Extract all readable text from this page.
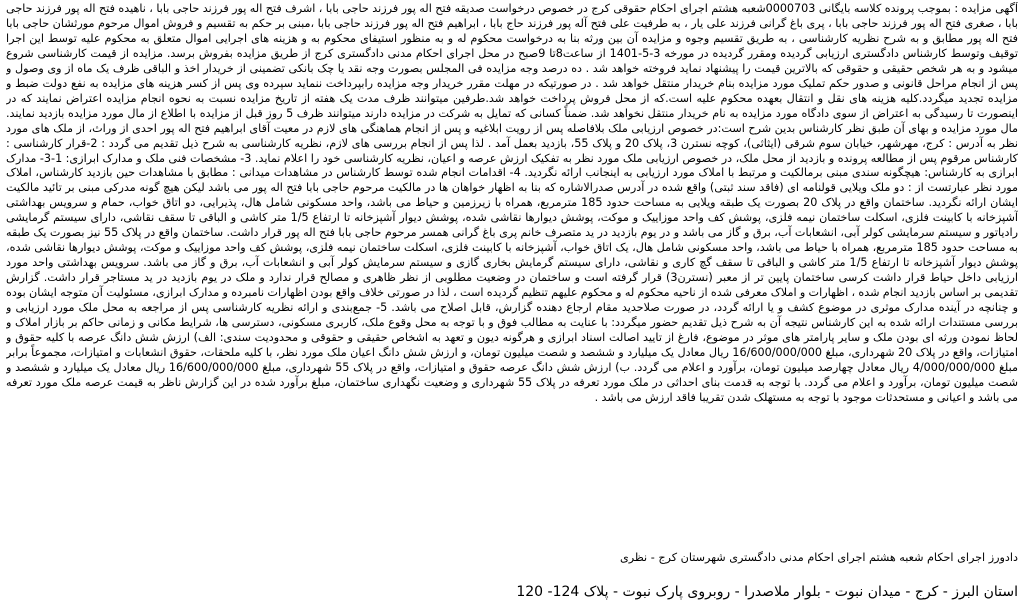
آگهی مزایده : بموجب پرونده کلاسه بایگانی 0000703شعبه هشتم اجرای احکام حقوقی کرج در خصوص درخواست صدیقه فتح اله پور فرزند حاجی بابا ، اشرف فتح اله پور فرزند حاجی بابا ، ناهیده فتح اله پور فرزند حاجی بابا ، صغری فتح اله پور فرزند حاجی بابا ، پری باغ گرانی فرزند علی یار ، به طرفیت علی فتح آله پور فرزند حاج بابا ، ابراهیم فتح اله پور فرزند حاجی بابا ،مبنی بر حکم به تقسیم و فروش اموال مرحوم مورثشان حاجی بابا فتح اله پور مطابق و به شرح نظریه کارشناسی ، به طریق تقسیم وجوه و مزایده آن بین ورثه بنا به درخواست محکوم له و به منظور استیفای محکوم به و هزینه های اجرایی اموال متعلق به محکوم علیه توسط این اجرا توقیف وتوسط کارشناس دادگستری ارزیابی گردیده ومقرر گردیده در مورخه 3-5-1401 از ساعت8تا 9صبح در محل اجرای احکام مدنی دادگستری کرج از طریق مزایده بفروش برسد. مزایده از قیمت کارشناسی شروع میشود و به هر شخص حقیقی و حقوقی که بالاترین قیمت را پیشنهاد نماید فروخته خواهد شد . ده درصد وجه مزایده فی المجلس بصورت وجه نقد یا چک بانکی تضمینی از خریدار اخذ و الباقی ظرف یک ماه از وی وصول و پس از انجام مراحل قانونی و صدور حکم تملیک مورد مزایده بنام خریدار منتقل خواهد شد . در صورتیکه در مهلت مقرر خریدار وجه مزایده رابپرداخت ننماید سپرده وی پس از کسر هزینه های مزایده به نفع دولت ضبط و مزایده تجدید میگردد.کلیه هزینه های نقل و انتقال بعهده محکوم علیه است.که از محل فروش پرداخت خواهد شد.طرفین میتوانند ظرف مدت یک هفته از تاریخ مزایده نسبت به نحوه انجام مزایده اعتراض نمایند که در اینصورت تا رسیدگی به اعتراض از سوی دادگاه مورد مزایده به نام خریدار منتقل نخواهد شد. ضمناً کسانی که تمایل به شرکت در مزایده دارند میتوانند ظرف 5 روز قبل از مزایده با اطلاع از مال مورد مزایده بازدید نمایند. مال مورد مزایده و بهای آن طبق نظر کارشناس بدین شرح است:در خصوص ارزیابی ملک بلافاصله پس از رویت ابلاغیه و پس از انجام هماهنگی های لازم در معیت آقای ابراهیم فتح اله پور احدی از وراث، از ملک های مورد نظر به آدرس : کرج، مهرشهر، خیابان سوم شرقی (ایثاثی)، کوچه نسترن 3، پلاک 20 و پلاک 55، بازدید بعمل آمد . لذا پس از انجام بررسی های لازم، نظریه کارشناسی به شرح ذیل تقدیم می گردد : 2-قرار کارشناسی : کارشناس مرقوم پس از مطالعه پرونده و بازدید از محل ملک، در خصوص ارزیابی ملک مورد نظر به تفکیک ارزش عرصه و اعیان، نظریه کارشناسی خود را اعلام نماید. 3- مشخصات فنی ملک و مدارک ابرازی: 1-3- مدارک ابرازی به کارشناس: هیچگونه سندی مبنی برمالکیت و مرتبط با املاک مورد ارزیابی به اینجانب ارائه نگردید. 4- اقدامات انجام شده توسط کارشناس در مشاهدات میدانی : مطابق با مشاهدات حین بازدید کارشناس، املاک مورد نظر عبارتست از : دو ملک ویلایی قولنامه ای (فاقد سند ثبتی) واقع شده در آدرس صدرالاشاره که بنا به اظهار خواهان ها در مالکیت مرحوم حاجی بابا فتح اله پور می باشد لیکن هیچ گونه مدرکی مبنی بر تائید مالکیت ایشان ارائه نگردید. ساختمان واقع در پلاک 20 بصورت یک طبقه ویلایی به مساحت حدود 185 مترمربع، همراه با زیرزمین و حیاط می باشد، واحد مسکونی شامل هال، پذیرایی، دو اتاق خواب، حمام و سرویس بهداشتی آشپزخانه با کابینت فلزی، اسکلت ساختمان نیمه فلزی، پوشش کف واحد موزاییک و موکت، پوشش دیوارها نقاشی شده، پوشش دیوار آشپزخانه تا ارتفاع 1/5 متر کاشی و الباقی تا سقف نقاشی، دارای سیستم گرمایشی رادیاتور و سیستم سرمایشی کولر آبی، انشعابات آب، برق و گاز می باشد و در یوم بازدید در ید متصرف خانم پری باغ گرانی همسر مرحوم حاجی بابا فتح اله پور قرار داشت. ساختمان واقع در پلاک 55 نیز بصورت یک طبقه به مساحت حدود 185 مترمربع، همراه با حیاط می باشد، واحد مسکونی شامل هال، یک اتاق خواب، آشپزخانه با کابینت فلزی، اسکلت ساختمان نیمه فلزی، پوشش کف واحد موزاییک و موکت، پوشش دیوارها نقاشی شده، پوشش دیوار آشپزخانه تا ارتفاع 1/5 متر کاشی و الباقی تا سقف گچ کاری و نقاشی، دارای سیستم گرمایش بخاری گازی و سیستم سرمایش کولر آبی و انشعابات آب، برق و گاز می باشد. سرویس بهداشتی واحد مورد ارزیابی داخل حیاط قرار داشت کرسی ساختمان پایین تر از معبر (نسترن3) قرار گرفته است و ساختمان در وضعیت مطلوبی از نظر ظاهری و مصالح قرار ندارد و ملک در یوم بازدید در ید مستاجر قرار داشت. گزارش تقدیمی بر اساس بازدید انجام شده ، اظهارات و املاک معرفی شده از ناحیه محکوم له و محکوم علیهم تنظیم گردیده است ، لذا در صورتی خلاف واقع بودن اظهارات نامبرده و مدارک ابرازی، مسئولیت آن متوجه ایشان بوده و چنانچه در آینده مدارک موثری در موضوع کشف و یا ارائه گردد، در صورت صلاحدید مقام ارجاع دهنده گزارش، قابل اصلاح می باشد. 5- جمع‌بندی و ارائه نظریه کارشناسی پس از مراجعه به محل ملک مورد ارزیابی و بررسی مستندات ارائه شده به این کارشناس نتیجه آن به شرح ذیل تقدیم حضور میگردد: با عنایت به مطالب فوق و با توجه به محل وقوع ملک، کاربری مسکونی، دسترسی ها، شرایط مکانی و زمانی حاکم بر بازار املاک و لحاظ نمودن ورثه ای بودن ملک و سایر پارامتر های موثر در موضوع، فارغ از تایید اصالت اسناد ابرازی و هرگونه دیون و تعهد به اشخاص حقیقی و حقوقی و محدودیت سندی: الف) ارزش شش دانگ عرصه با کلیه حقوق و امتیازات، واقع در پلاک 20 شهرداری، مبلغ 16/600/000/000 ریال معادل یک میلیارد و ششصد و شصت میلیون تومان، و ارزش شش دانگ اعیان ملک مورد نظر، با کلیه ملحقات، حقوق انشعابات و امتیازات، مجموعاً برابر مبلغ 4/000/000/000 ریال معادل چهارصد میلیون تومان، برآورد و اعلام می گردد. ب) ارزش شش دانگ عرصه حقوق و امتیازات، واقع در پلاک 55 شهرداری، مبلغ 16/600/000/000 ریال معادل یک میلیارد و ششصد و شصت میلیون تومان، برآورد و اعلام می گردد. با توجه به قدمت بنای احداثی در ملک مورد تعرفه در پلاک 55 شهرداری و وضعیت نگهداری ساختمان، مبلغ برآورد شده در این گزارش ناظر به قیمت عرصه ملک مورد تعرفه می باشد و اعیانی و مستحدثات موجود با توجه به مستهلک شدن تقریبا فاقد ارزش می باشد .

دادورز اجرای احکام شعبه هشتم اجرای احکام مدنی دادگستری شهرستان کرج - نظری

استان البرز - کرج - میدان نبوت - بلوار ملاصدرا - روبروی پارک نبوت - پلاک 124- 120
